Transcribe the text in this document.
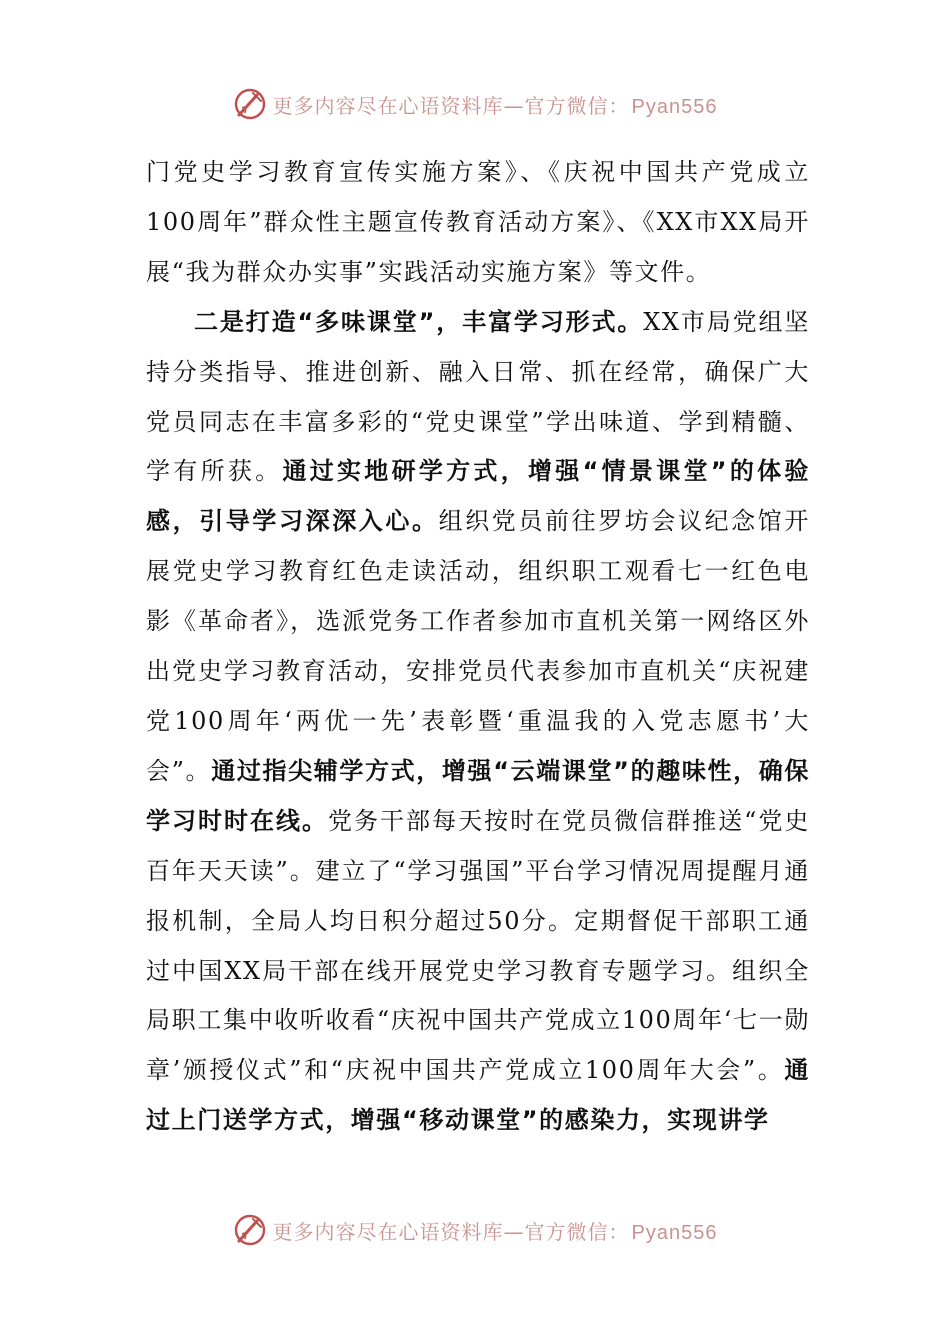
更多内容尽在心语资料库—官方微信： Pyan556

门党史学习教育宣传实施方案》、《庆祝中国共产党成立100周年”群众性主题宣传教育活动方案》、《XX市XX局开展“我为群众办实事”实践活动实施方案》等文件。

二是打造“多味课堂”，丰富学习形式。XX市局党组坚持分类指导、推进创新、融入日常、抓在经常，确保广大党员同志在丰富多彩的“党史课堂”学出味道、学到精髓、学有所获。通过实地研学方式，增强“情景课堂”的体验感，引导学习深深入心。组织党员前往罗坊会议纪念馆开展党史学习教育红色走读活动，组织职工观看七一红色电影《革命者》，选派党务工作者参加市直机关第一网络区外出党史学习教育活动，安排党员代表参加市直机关“庆祝建党100周年‘两优一先’表彰暨‘重温我的入党志愿书’大会”。通过指尖辅学方式，增强“云端课堂”的趣味性，确保学习时时在线。党务干部每天按时在党员微信群推送“党史百年天天读”。建立了“学习强国”平台学习情况周提醒月通报机制，全局人均日积分超过50分。定期督促干部职工通过中国XX局干部在线开展党史学习教育专题学习。组织全局职工集中收听收看“庆祝中国共产党成立100周年‘七一勋章’颁授仪式”和“庆祝中国共产党成立100周年大会”。通过上门送学方式，增强“移动课堂”的感染力，实现讲学

更多内容尽在心语资料库—官方微信： Pyan556
